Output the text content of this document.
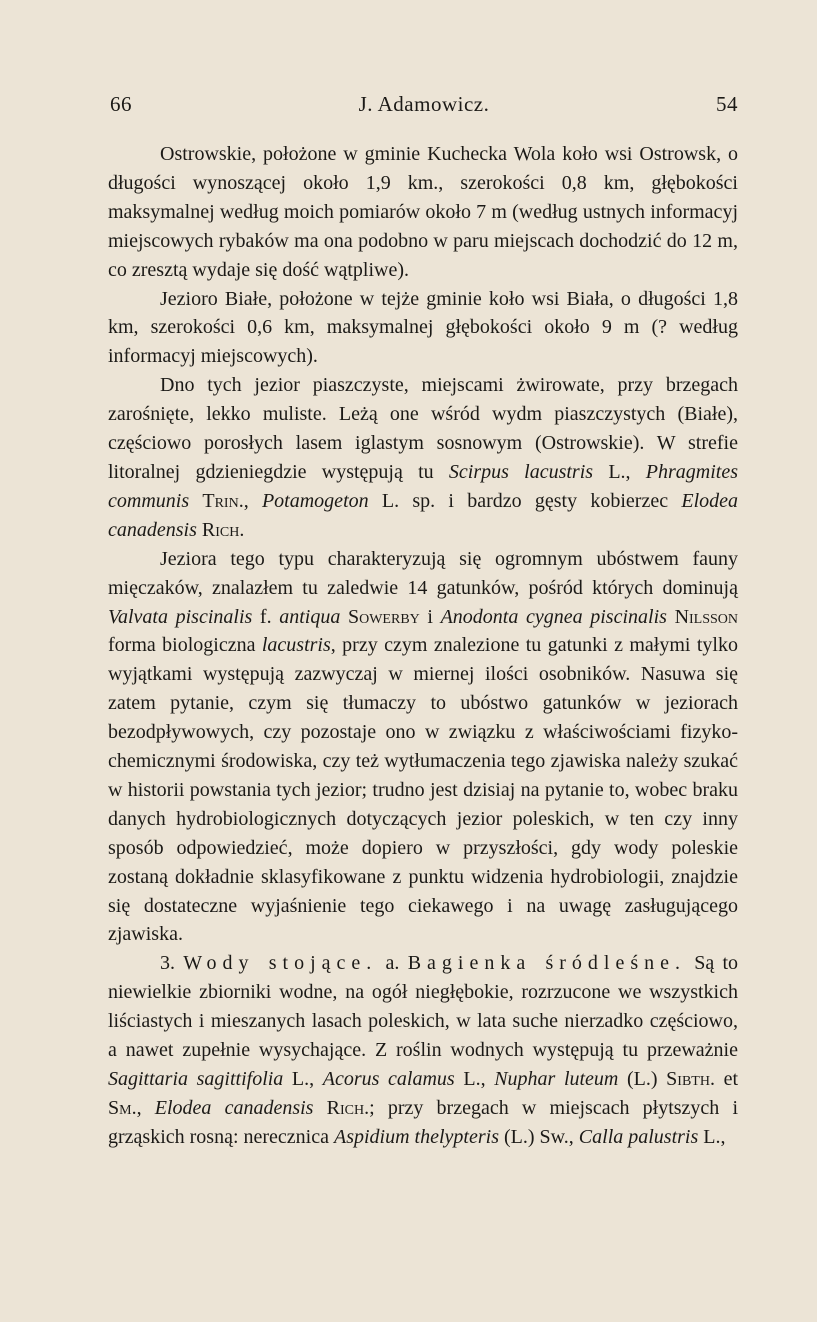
66	J. Adamowicz.	54

Ostrowskie, położone w gminie Kuchecka Wola koło wsi Ostrowsk, o długości wynoszącej około 1,9 km., szerokości 0,8 km, głębokości maksymalnej według moich pomiarów około 7 m (według ustnych informacyj miejscowych rybaków ma ona podobno w paru miejscach dochodzić do 12 m, co zresztą wydaje się dość wątpliwe).

Jezioro Białe, położone w tejże gminie koło wsi Biała, o długości 1,8 km, szerokości 0,6 km, maksymalnej głębokości około 9 m (? według informacyj miejscowych).

Dno tych jezior piaszczyste, miejscami żwirowate, przy brzegach zarośnięte, lekko muliste. Leżą one wśród wydm piaszczystych (Białe), częściowo porosłych lasem iglastym sosnowym (Ostrowskie). W strefie litoralnej gdzieniegdzie występują tu Scirpus lacustris L., Phragmites communis Trin., Potamogeton L. sp. i bardzo gęsty kobierzec Elodea canadensis Rich.

Jeziora tego typu charakteryzują się ogromnym ubóstwem fauny mięczaków, znalazłem tu zaledwie 14 gatunków, pośród których dominują Valvata piscinalis f. antiqua Sowerby i Anodonta cygnea piscinalis Nilsson forma biologiczna lacustris, przy czym znalezione tu gatunki z małymi tylko wyjątkami występują zazwyczaj w miernej ilości osobników. Nasuwa się zatem pytanie, czym się tłumaczy to ubóstwo gatunków w jeziorach bezodpływowych, czy pozostaje ono w związku z właściwościami fizyko-chemicznymi środowiska, czy też wytłumaczenia tego zjawiska należy szukać w historii powstania tych jezior; trudno jest dzisiaj na pytanie to, wobec braku danych hydrobiologicznych dotyczących jezior poleskich, w ten czy inny sposób odpowiedzieć, może dopiero w przyszłości, gdy wody poleskie zostaną dokładnie sklasyfikowane z punktu widzenia hydrobiologii, znajdzie się dostateczne wyjaśnienie tego ciekawego i na uwagę zasługującego zjawiska.

3. Wody stojące. a. Bagienka śródleśne. Są to niewielkie zbiorniki wodne, na ogół niegłębokie, rozrzucone we wszystkich liściastych i mieszanych lasach poleskich, w lata suche nierzadko częściowo, a nawet zupełnie wysychające. Z roślin wodnych występują tu przeważnie Sagittaria sagittifolia L., Acorus calamus L., Nuphar luteum (L.) Sibth. et Sm., Elodea canadensis Rich.; przy brzegach w miejscach płytszych i grząskich rosną: nerecznica Aspidium thelypteris (L.) Sw., Calla palustris L.,
